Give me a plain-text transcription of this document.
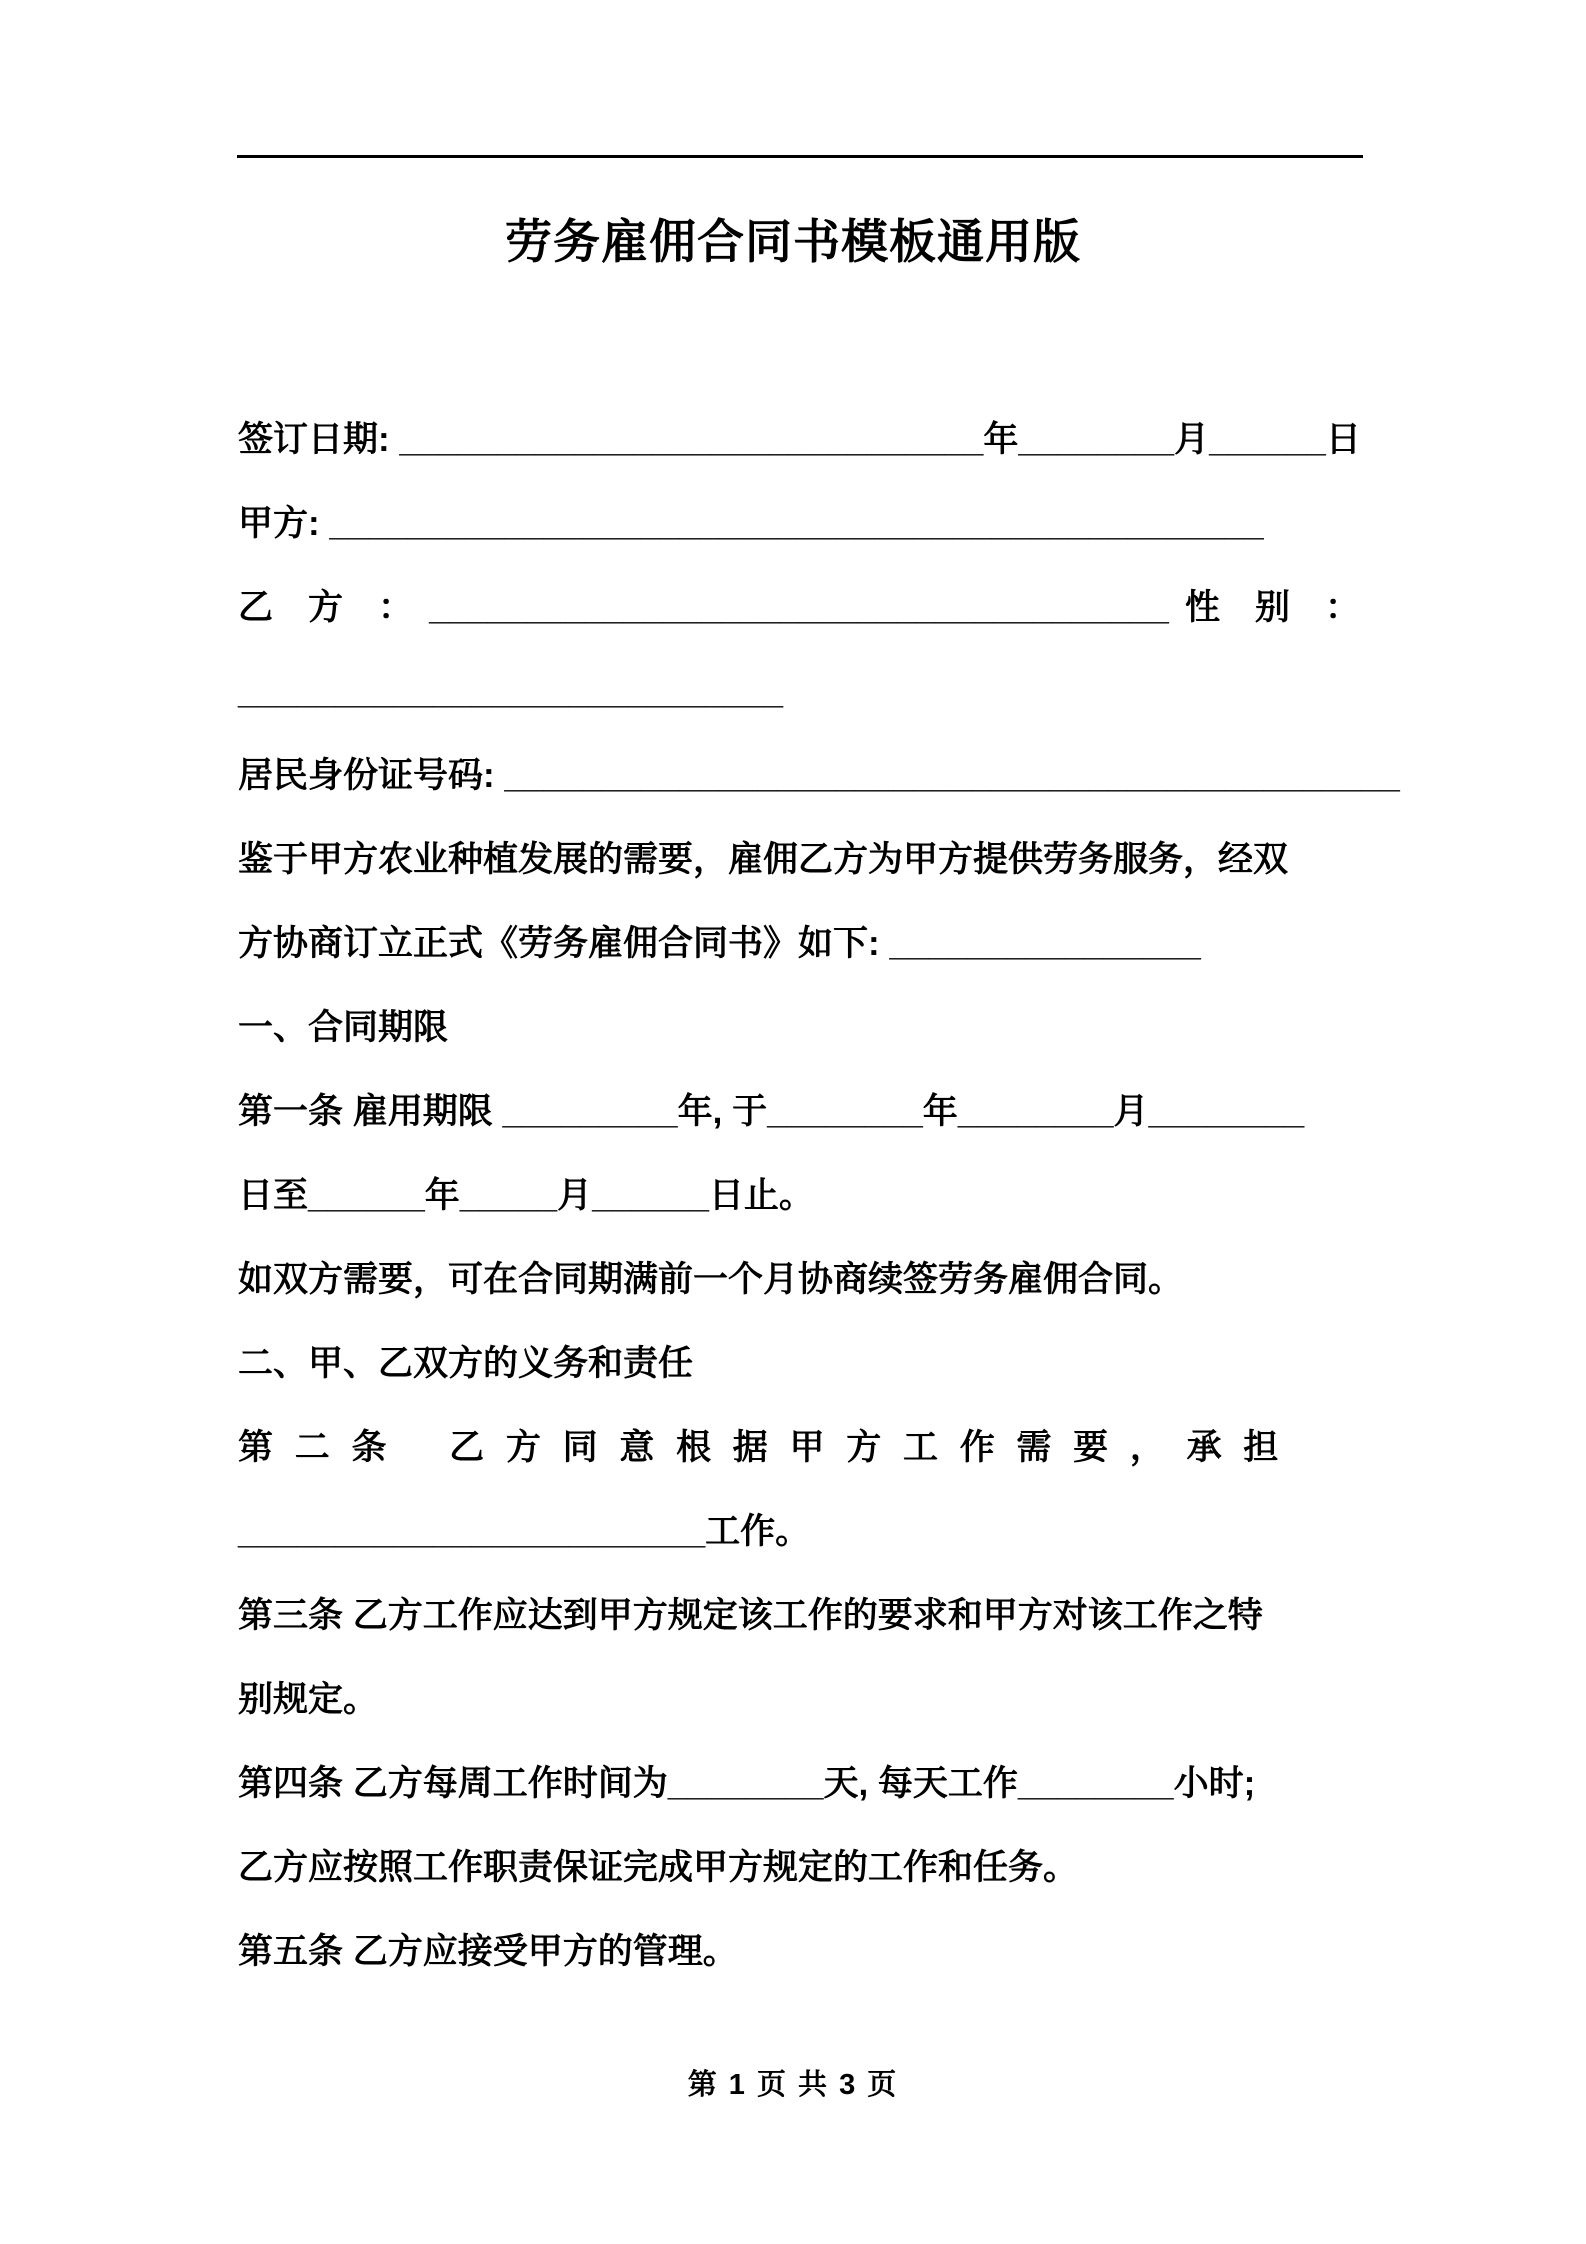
劳务雇佣合同书模板通用版
签订日期: ______________________________ 年________ 月______ 日
甲方: ________________________________________________
乙　方　： ______________________________________ 性　别　：
____________________________
居民身份证号码: ______________________________________________
鉴于甲方农业种植发展的需要，雇佣乙方为甲方提供劳务服务，经双
方协商订立正式《劳务雇佣合同书》如下: ________________
一、合同期限
第一条 雇用期限 _________年, 于________年________月________
日至______年_____月______日止。
如双方需要，可在合同期满前一个月协商续签劳务雇佣合同。
二、甲、乙双方的义务和责任
第 二 条　 乙 方 同 意 根 据 甲 方 工 作 需 要 ， 承 担
________________________工作。
第三条 乙方工作应达到甲方规定该工作的要求和甲方对该工作之特
别规定。
第四条 乙方每周工作时间为________天, 每天工作________小时;
乙方应按照工作职责保证完成甲方规定的工作和任务。
第五条 乙方应接受甲方的管理。
第 1 页 共 3 页
